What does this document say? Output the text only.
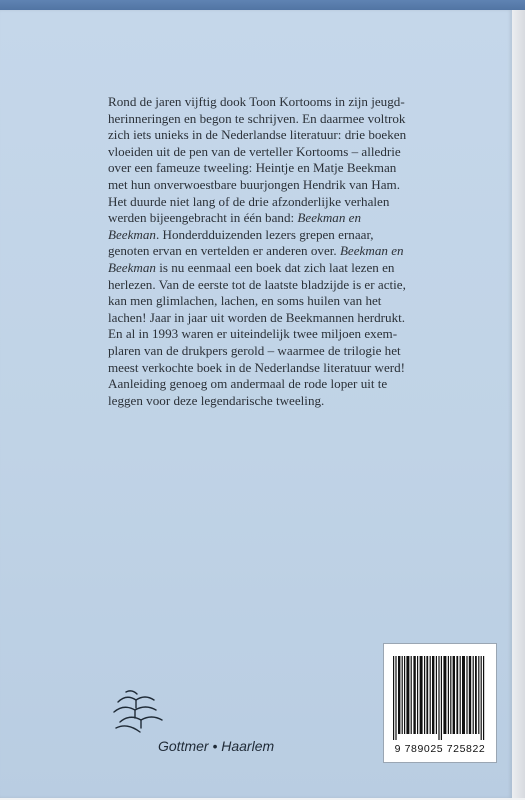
Rond de jaren vijftig dook Toon Kortooms in zijn jeugd-
herinneringen en begon te schrijven. En daarmee voltrok
zich iets unieks in de Nederlandse literatuur: drie boeken
vloeiden uit de pen van de verteller Kortooms – alledrie
over een fameuze tweeling: Heintje en Matje Beekman
met hun onverwoestbare buurjongen Hendrik van Ham.
Het duurde niet lang of de drie afzonderlijke verhalen
werden bijeengebracht in één band: Beekman en
Beekman. Honderdduizenden lezers grepen ernaar,
genoten ervan en vertelden er anderen over. Beekman en
Beekman is nu eenmaal een boek dat zich laat lezen en
herlezen. Van de eerste tot de laatste bladzijde is er actie,
kan men glimlachen, lachen, en soms huilen van het
lachen! Jaar in jaar uit worden de Beekmannen herdrukt.
En al in 1993 waren er uiteindelijk twee miljoen exem-
plaren van de drukpers gerold – waarmee de trilogie het
meest verkochte boek in de Nederlandse literatuur werd!
Aanleiding genoeg om andermaal de rode loper uit te
leggen voor deze legendarische tweeling.

Gottmer • Haarlem	9 789025 725822
